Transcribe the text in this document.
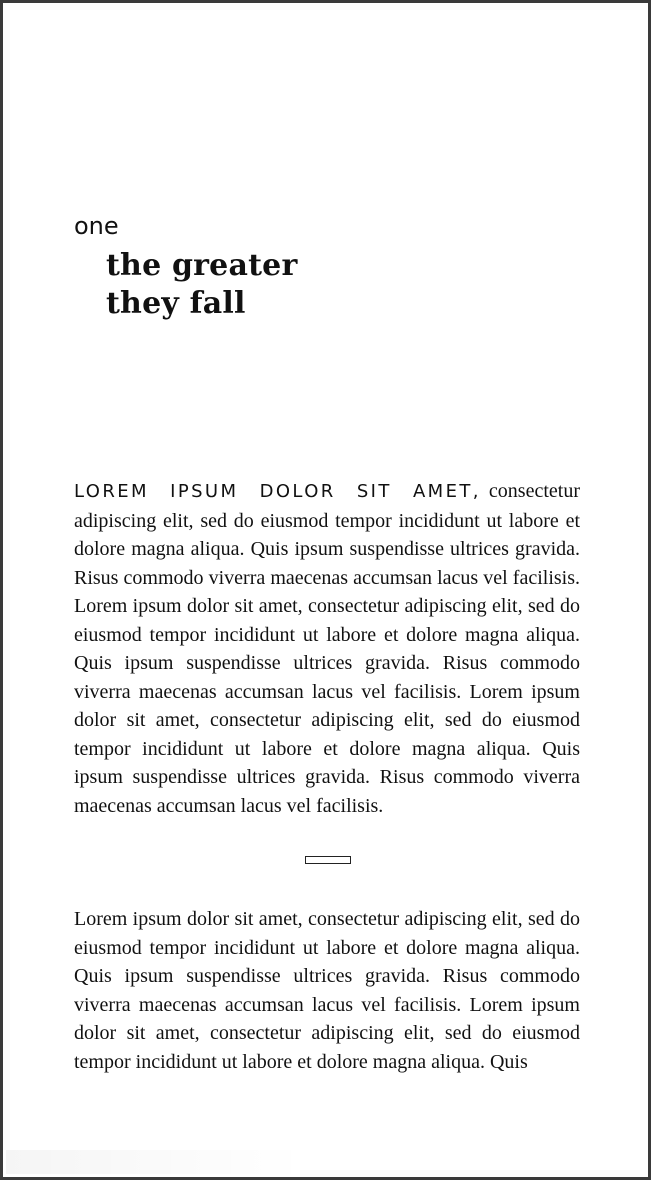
one
the greater
they fall

LOREM IPSUM DOLOR SIT AMET, consectetur adipiscing elit, sed do eiusmod tempor incididunt ut labore et dolore magna aliqua. Quis ipsum suspendisse ultrices gravida. Risus commodo viverra maecenas accumsan lacus vel facilisis. Lorem ipsum dolor sit amet, consectetur adipiscing elit, sed do eiusmod tempor incididunt ut labore et dolore magna aliqua. Quis ipsum suspendisse ultrices gravida. Risus commodo viverra maecenas accumsan lacus vel facilisis. Lorem ipsum dolor sit amet, consectetur adipiscing elit, sed do eiusmod tempor incididunt ut labore et dolore magna aliqua. Quis ipsum suspendisse ultrices gravida. Risus commodo viverra maecenas accumsan lacus vel facilisis.

Lorem ipsum dolor sit amet, consectetur adipiscing elit, sed do eiusmod tempor incididunt ut labore et dolore magna aliqua. Quis ipsum suspendisse ultrices gravida. Risus commodo viverra maecenas accumsan lacus vel facilisis. Lorem ipsum dolor sit amet, consectetur adipiscing elit, sed do eiusmod tempor incididunt ut labore et dolore magna aliqua. Quis
